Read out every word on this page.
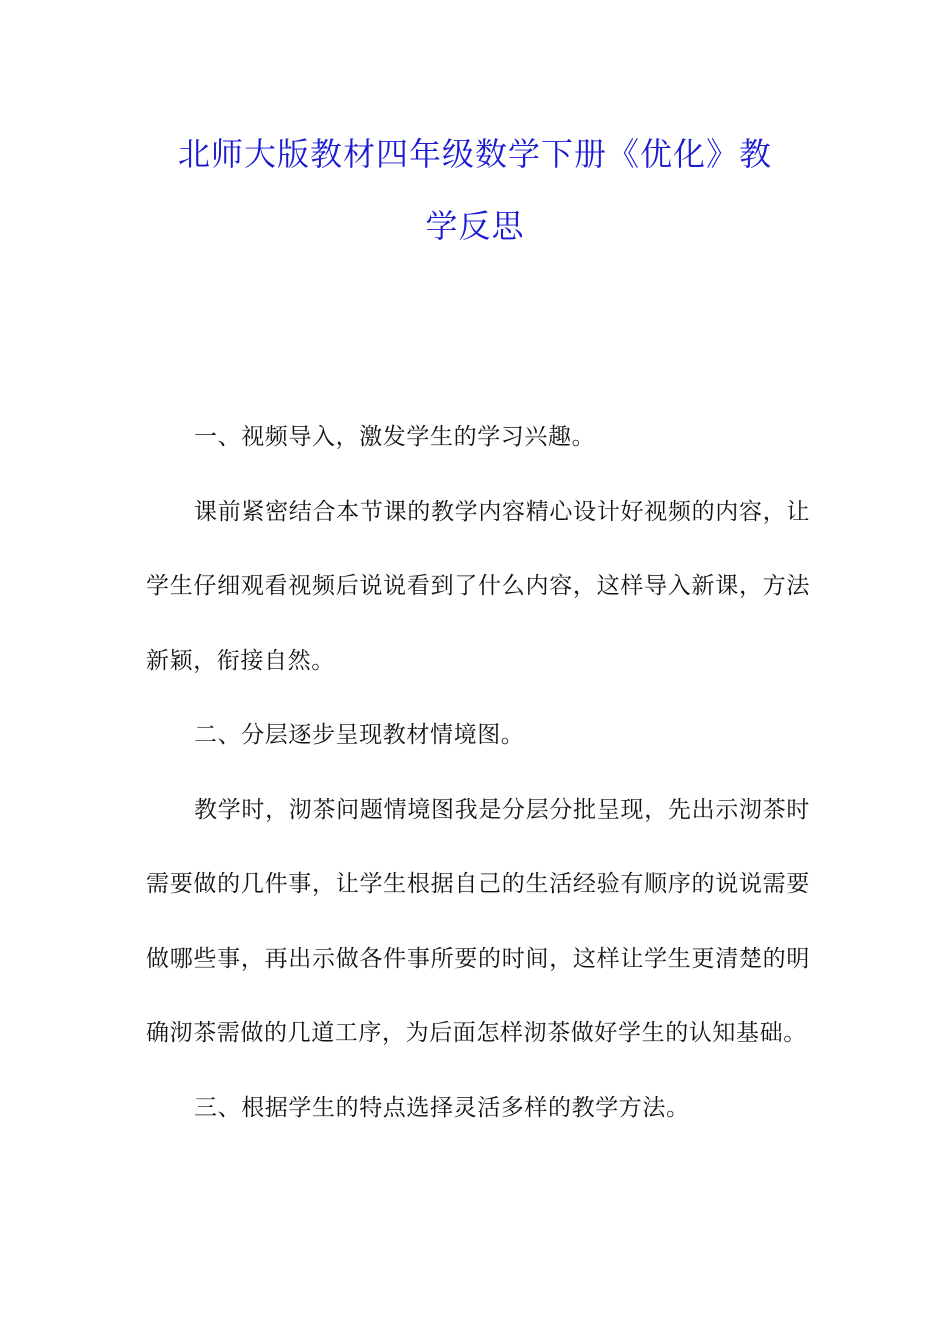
北师大版教材四年级数学下册《优化》教
学反思

一、视频导入，激发学生的学习兴趣。

课前紧密结合本节课的教学内容精心设计好视频的内容，让学生仔细观看视频后说说看到了什么内容，这样导入新课，方法新颖，衔接自然。

二、分层逐步呈现教材情境图。

教学时，沏茶问题情境图我是分层分批呈现，先出示沏茶时需要做的几件事，让学生根据自己的生活经验有顺序的说说需要做哪些事，再出示做各件事所要的时间，这样让学生更清楚的明确沏茶需做的几道工序，为后面怎样沏茶做好学生的认知基础。

三、根据学生的特点选择灵活多样的教学方法。
